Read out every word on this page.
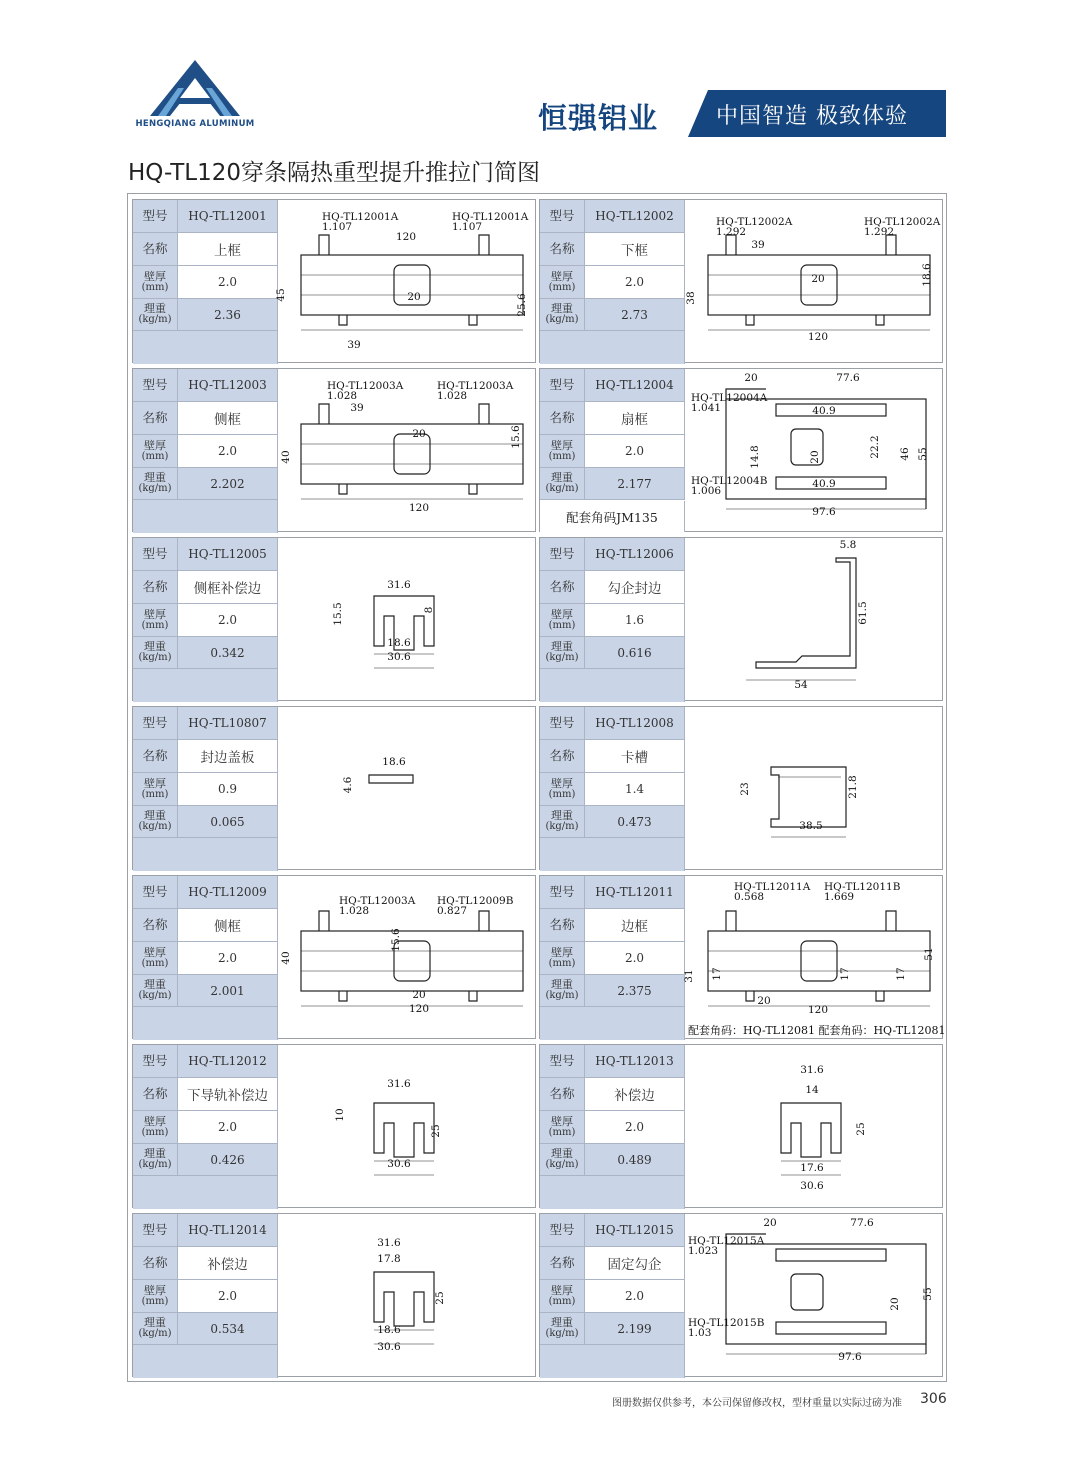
HENGQIANG ALUMINUM	恒强铝业	中国智造 极致体验
HQ-TL120穿条隔热重型提升推拉门简图
型号	HQ-TL12001
名称	上框
壁厚
(mm)	2.0
理重
(kg/m)	2.36
HQ-TL12001A
1.107
HQ-TL12001A
1.107
120
20
45	25.6
39
型号	HQ-TL12002
名称	下框
壁厚
(mm)	2.0
理重
(kg/m)	2.73
HQ-TL12002A
1.292
HQ-TL12002A
1.292
39
20	18.6
38
120
型号	HQ-TL12003
名称	侧框
壁厚
(mm)	2.0
理重
(kg/m)	2.202
HQ-TL12003A
1.028
HQ-TL12003A
1.028
39
20	15.6
40
120
型号	HQ-TL12004
名称	扇框
壁厚
(mm)	2.0
理重
(kg/m)	2.177
配套角码JM135
20	77.6
HQ-TL12004A
1.041	40.9
14.8	20	22.2 46 55
HQ-TL12004B
1.006
40.9
97.6
型号	HQ-TL12005
名称	侧框补偿边
壁厚
(mm)	2.0
理重
(kg/m)	0.342
31.6
15.5	8
18.6
30.6
型号	HQ-TL12006
名称	勾企封边
壁厚
(mm)	1.6
理重
(kg/m)	0.616
5.8
61.5
54
型号	HQ-TL10807
名称	封边盖板
壁厚
(mm)	0.9
理重
(kg/m)	0.065
18.6
4.6
型号	HQ-TL12008
名称	卡槽
壁厚
(mm)	1.4
理重
(kg/m)	0.473
23	21.8
38.5
型号	HQ-TL12009
名称	侧框
壁厚
(mm)	2.0
理重
(kg/m)	2.001
HQ-TL12003A
1.028
HQ-TL12009B
0.827
15.6
40
20
120
型号	HQ-TL12011
名称	边框
壁厚
(mm)	2.0
理重
(kg/m)	2.375
HQ-TL12011A
0.568
HQ-TL12011B
1.669
51
31 17	17	17
20
120
配套角码：HQ-TL12081 配套角码：HQ-TL12081
型号	HQ-TL12012
名称	下导轨补偿边
壁厚
(mm)	2.0
理重
(kg/m)	0.426
31.6
10
25
30.6
型号	HQ-TL12013
名称	补偿边
壁厚
(mm)	2.0
理重
(kg/m)	0.489
31.6
14
25
17.6
30.6
型号	HQ-TL12014
名称	补偿边
壁厚
(mm)	2.0
理重
(kg/m)	0.534
31.6
17.8
25
18.6
30.6
型号	HQ-TL12015
名称	固定勾企
壁厚
(mm)	2.0
理重
(kg/m)	2.199
20	77.6
HQ-TL12015A
1.023
20
55
HQ-TL12015B
1.03
97.6
图册数据仅供参考，本公司保留修改权，型材重量以实际过磅为准 306
